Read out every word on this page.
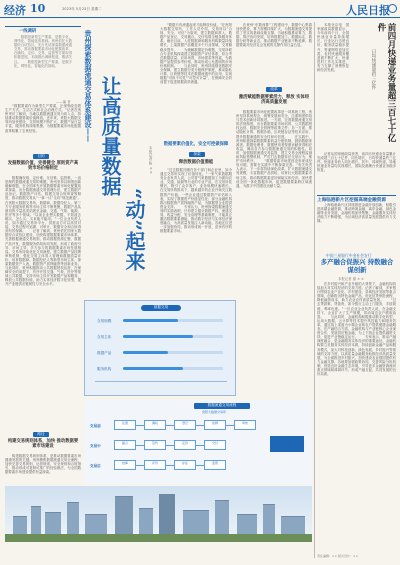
经济 10	2023年 5月23日 星期二	人民日报
一线调研
　　数据是新型生产要素，是数字化、网络化、智能化的基础。贵州依托大数据综合试验区，先行先试探索数据流通交易，推动数据要素市场化配置改革，在确权、定价、交易、监管等方面取得积极进展。本版推出调研报道，敬请关注。　　数据是新型生产要素，是数字化、网络化、智能化的基础。
——编 者
　　“数据要素作为新型生产要素，正深刻改变着生产方式、生活方式和社会治理方式。”记者在贵州采访了解到，当地以数据流通交易为切入点，持续推动数据要素价值释放。近年来，贵阳大数据交易所加快建设，交易规模不断扩大，数据产品日益丰富，服务机构持续集聚，为数据要素市场化配置改革积累了宝贵经验。
目的
发掘数据价值，完善健全 原则资产高效市场价格制定
　　数据确权难、定价难、互信难、监管难，一直是制约数据流通交易的难题。贵州坚持以制度创新破解难题，在全国率先开展数据要素市场化配置改革探索，出台数据流通交易管理办法，建立数据产品登记、数据资产评估、数据交易合规审查等制度，推动数据交易从“一事一议”走向“规范流通”。在贵阳大数据交易所，数据商、数据经纪人、第三方专业服务机构等市场主体不断集聚，数据产品从最初的少量品类拓展至金融、交通、气象、能源、医疗等多个领域。“以前企业想买数据，不知道去哪买、怎么买、买来能不能用。”一位企业负责人说，如今通过交易所平台，供需双方可以高效对接，交易过程可追溯、可审计，数据安全和合规得到有效保障。　　记者了解到，贵州依托国家大数据综合试验区建设，加快构建数据要素市场体系，完善数据流通交易规则，推动数据资源汇聚、数据产品开发、数据服务供给协同发展，形成了政府引导、市场主导、多方参与的数据要素市场发展格局。交易所持续优化交易流程，建立数据产品挂牌审核机制，强化交易主体准入管理和数据质量评价，培育数据商、数据经纪人等新型市场主体，探索数据资产入表、数据资产质押融资等创新业务。　　与此同时，贵州积极推动公共数据授权运营，在保障安全的前提下，有序开放交通、气象、医疗等领域公共数据，支持市场主体开发数据产品和服务，释放公共数据价值，助力实体经济数字化转型，提升产业链供应链韧性与安全水平。
路径
构建交易规则体系，加快 推动数据要素市场建设
　　构建数据交易规则体系，是推动数据要素市场健康发展的关键。贵州聚焦数据流通交易全流程，加快完善交易规则、运营规则、安全规则和合规指引，推动形成可复制可推广的经验做法，为全国数据要素市场建设提供有益探索。
贵州探索数据流通交易体系建设—— 让高质量数据
“动”起来
本报记者 陈 ××
　　“数据只有流通起来才能释放价值。”在贵阳大数据交易所，工作人员介绍，交易所以“合规、安全、可信”为原则，建立数据商准入、数据产品登记、交易撮合、交付结算全链条服务体系。截至目前，入驻数据商和服务机构数量持续增长，上架数据产品覆盖多个行业领域，交易额稳步提升。　　为破解数据定价难题，交易所联合专业机构探索建立数据资产评估体系，综合考虑数据质量、应用场景、市场需求等因素，为数据产品提供参考价格，推动形成公允透明的市场价格机制。　　与此同时，贵州持续强化数据安全保障，建立数据分类分级保护制度，推动隐私计算、区块链等技术在数据流通中的应用，实现数据“可用不可见”“可控可计量”，在保障安全的前提下促进数据高效流通。
数据要素价值化，安全可控做保障
探索
释放数据价值潜能
　　“过去数据沉睡在各个部门和企业里，如今通过交易所实现了价值转化。”一家气象数据服务企业负责人说，公司将气象数据加工为面向农业、交通、能源等行业的专业产品，在交易所挂牌后，吸引了众多客户，业务规模快速增长。　　在交易所的推动下，越来越多的企业开始关注数据资产价值。一些企业通过数据资产评估和入表，实现了数据资产价值显性化；部分金融机构推出数据资产质押融资产品，为数据型企业提供资金支持。　　专家认为，贵州探索数据流通交易的实践表明，只有建立健全数据产权、流通交易、收益分配、安全治理等基础制度，才能真正激活数据要素潜能，推动数字经济与实体经济深度融合，为高质量发展注入新动能。各地还应进一步加强协同，推动形成统一开放、竞争有序的数据要素市场。
　　在贵州“东数西算”工程建设中，数据中心集群加快建设，算力规模持续扩大，为数据流通交易提供了坚实的基础设施支撑。当地积极推动算力、数据、算法协同发展，培育数据加工、数据标注、数据分析等新业态，推动数据产业链条不断延伸，数据要素对经济社会发展的支撑作用日益凸显。
改革
激活赋能数据要素活力，释放 实体经济高质量发展
　　数据要素市场化配置改革是一项系统工程。贵州坚持系统观念，统筹发展和安全，注重制度供给与技术创新协同推进。一方面，完善数据流通交易的法规制度，出台数据要素市场培育、公共数据授权运营、数据安全管理等政策文件；另一方面，推动隐私计算、数据沙箱、区块链存证等技术应用，提升数据流通的安全性和可信度。　　在实践中，贵州积极探索数据要素收益分配机制，鼓励数据来源者、数据处理者、数据使用者按照贡献获得相应收益，调动各方参与数据流通交易的积极性。同时，加强数据流通交易监管，建立交易全流程监测和风险预警机制，严厉打击数据非法交易行为，维护市场秩序。　　“数据要素市场建设没有现成经验可循，需要在实践中不断探索完善。”有关负责人表示，下一步将持续深化改革，扩大数据流通交易规模，丰富数据产品供给，培育壮大数据要素市场主体，推动数据要素更好赋能实体经济。加快建设全国一体化数据市场，促进数据要素跨区域流通，为数字中国建设贡献力量。
数据交易
交易规模
交易主体
数据产品
服务机构
数据流通交易流程
贵阳大数据交易所
交易前
注册	确权	登记	挂牌	审核
交易中
撮合	签约	定价	交付
交易后
结算	评价	存证	监管
　　本报北京电　国家邮政局数据显示，今年前四个月，全国快递业务量持续增长，行业运行态势良好，服务质量稳步提升，寄递网络更加完善，农村快递服务覆盖面不断扩大，快递进村工作扎实推进，有力支撑了消费恢复和经济发展。	前四月快递业务量超三百七十亿件
日均快递量约三亿件
　　记者从国家邮政局获悉，前四月快递业务量累计完成超三百七十亿件，同比增长，日均快递量约三亿件。快递业务收入同比增长。其中，同城快递、异地快递业务量均实现增长，国际及港澳台快递业务稳步恢复。
上海临港新片区挖掘高端金融资源
　　上海临港新片区持续推进金融开放创新，积极引进高端金融资源，推动跨境金融、离岸金融、绿色金融等业务发展，金融机构加快集聚，金融服务实体经济能力不断增强，为区域经济高质量发展提供有力支撑。
中国三星银行中金社会农行
多产融合促振兴 持数融合谋创新
本报记者 谢 × ×
　　在乡村振兴和产业升级的大背景下，金融机构持续加大对实体经济的支持力度。记者了解到，多家银行围绕农业产业化、乡村建设、县域经济发展等重点领域，创新推出特色金融产品，优化信贷审批流程，降低融资成本，助力农业农村高质量发展。　　“过去贷款难、贷款贵，如今银行主动上门服务，手续简便、利率优惠。”一位农业企业负责人说，在金融支持下，企业扩大了生产规模，带动周边农户增收致富。　　与此同时，金融机构积极推动数字化转型，运用大数据、云计算等技术提升风控能力和服务效率，通过线上渠道为小微企业和农户提供便捷金融服务。在产融结合方面，金融机构与产业链核心企业深度合作，发展供应链金融，为上下游企业提供融资支持，促进产业链稳定运行。　　专家表示，推动产融深度融合，是金融服务实体经济的重要途径。金融机构要立足服务实体经济本源，持续创新金融产品和服务模式，加大对科技创新、绿色发展、乡村振兴等领域的支持力度，以高质量金融服务助推经济高质量发展，为全面推进乡村振兴、加快建设农业强国提供有力金融支撑。各地要加强政策协同，完善风险分担机制，营造良好金融生态环境，引导更多金融资源流向重点领域和薄弱环节，形成产融互促、共同发展的良好局面。
责任编辑：×× 版式设计：××
